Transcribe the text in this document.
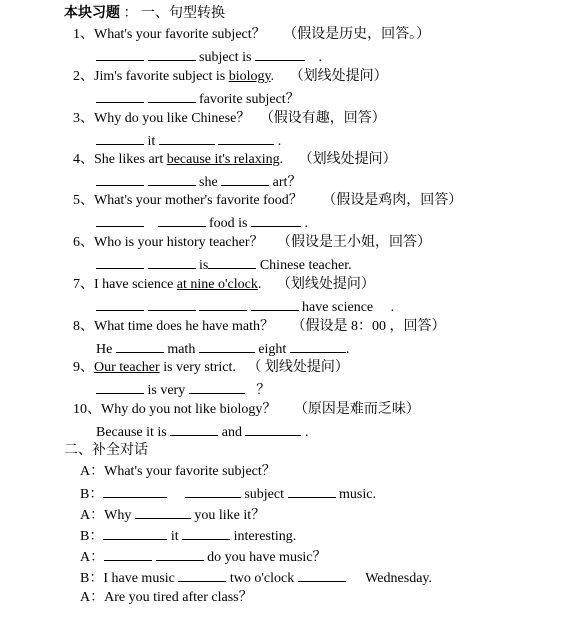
本块习题 ： 一、句型转换
1、What's your favorite subject？ （假设是历史，回答。）
subject is	.
2、Jim's favorite subject is biology. （划线处提问）
favorite subject？
3、Why do you like Chinese？ （假设有趣，回答）
it	.
4、She likes art because it's relaxing. （划线处提问）
she	art？
5、What's your mother's favorite food？ （假设是鸡肉，回答）
food is	.
6、Who is your history teacher？ （假设是王小姐，回答）
is	Chinese teacher.
7、I have science at nine o'clock. （划线处提问）
have science .
8、What time does he have math？ （假设是 8：00 ，回答）
He	math	eight	.
9、Our teacher is very strict. （ 划线处提问）
is very	？
10、Why do you not like biology？ （原因是难而乏味）
Because it is	and	.
二、补全对话
A：What's your favorite subject？
B：	subject	music.
A：Why	you like it？
B：	it	interesting.
A：	do you have music？
B：I have music	two o'clock	Wednesday.
A：Are you tired after class？
